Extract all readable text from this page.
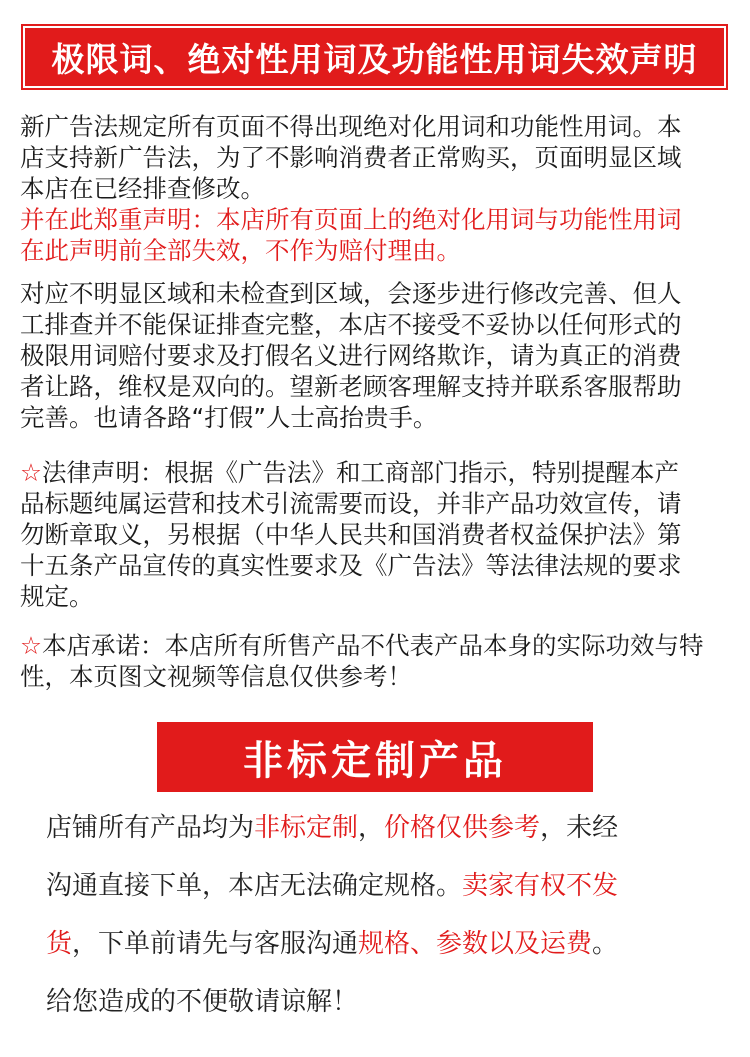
极限词、绝对性用词及功能性用词失效声明

新广告法规定所有页面不得出现绝对化用词和功能性用词。本

店支持新广告法，为了不影响消费者正常购买，页面明显区域

本店在已经排查修改。

并在此郑重声明：本店所有页面上的绝对化用词与功能性用词

在此声明前全部失效，不作为赔付理由。

对应不明显区域和未检查到区域，会逐步进行修改完善、但人

工排查并不能保证排查完整，本店不接受不妥协以任何形式的

极限用词赔付要求及打假名义进行网络欺诈，请为真正的消费

者让路，维权是双向的。望新老顾客理解支持并联系客服帮助

完善。也请各路“打假”人士高抬贵手。

☆法律声明：根据《广告法》和工商部门指示，特别提醒本产

品标题纯属运营和技术引流需要而设，并非产品功效宣传，请

勿断章取义，另根据（中华人民共和国消费者权益保护法》第

十五条产品宣传的真实性要求及《广告法》等法律法规的要求

规定。

☆本店承诺：本店所有所售产品不代表产品本身的实际功效与特

性，本页图文视频等信息仅供参考！

非标定制产品

店铺所有产品均为非标定制，价格仅供参考，未经

沟通直接下单，本店无法确定规格。卖家有权不发

货，下单前请先与客服沟通规格、参数以及运费。

给您造成的不便敬请谅解！
